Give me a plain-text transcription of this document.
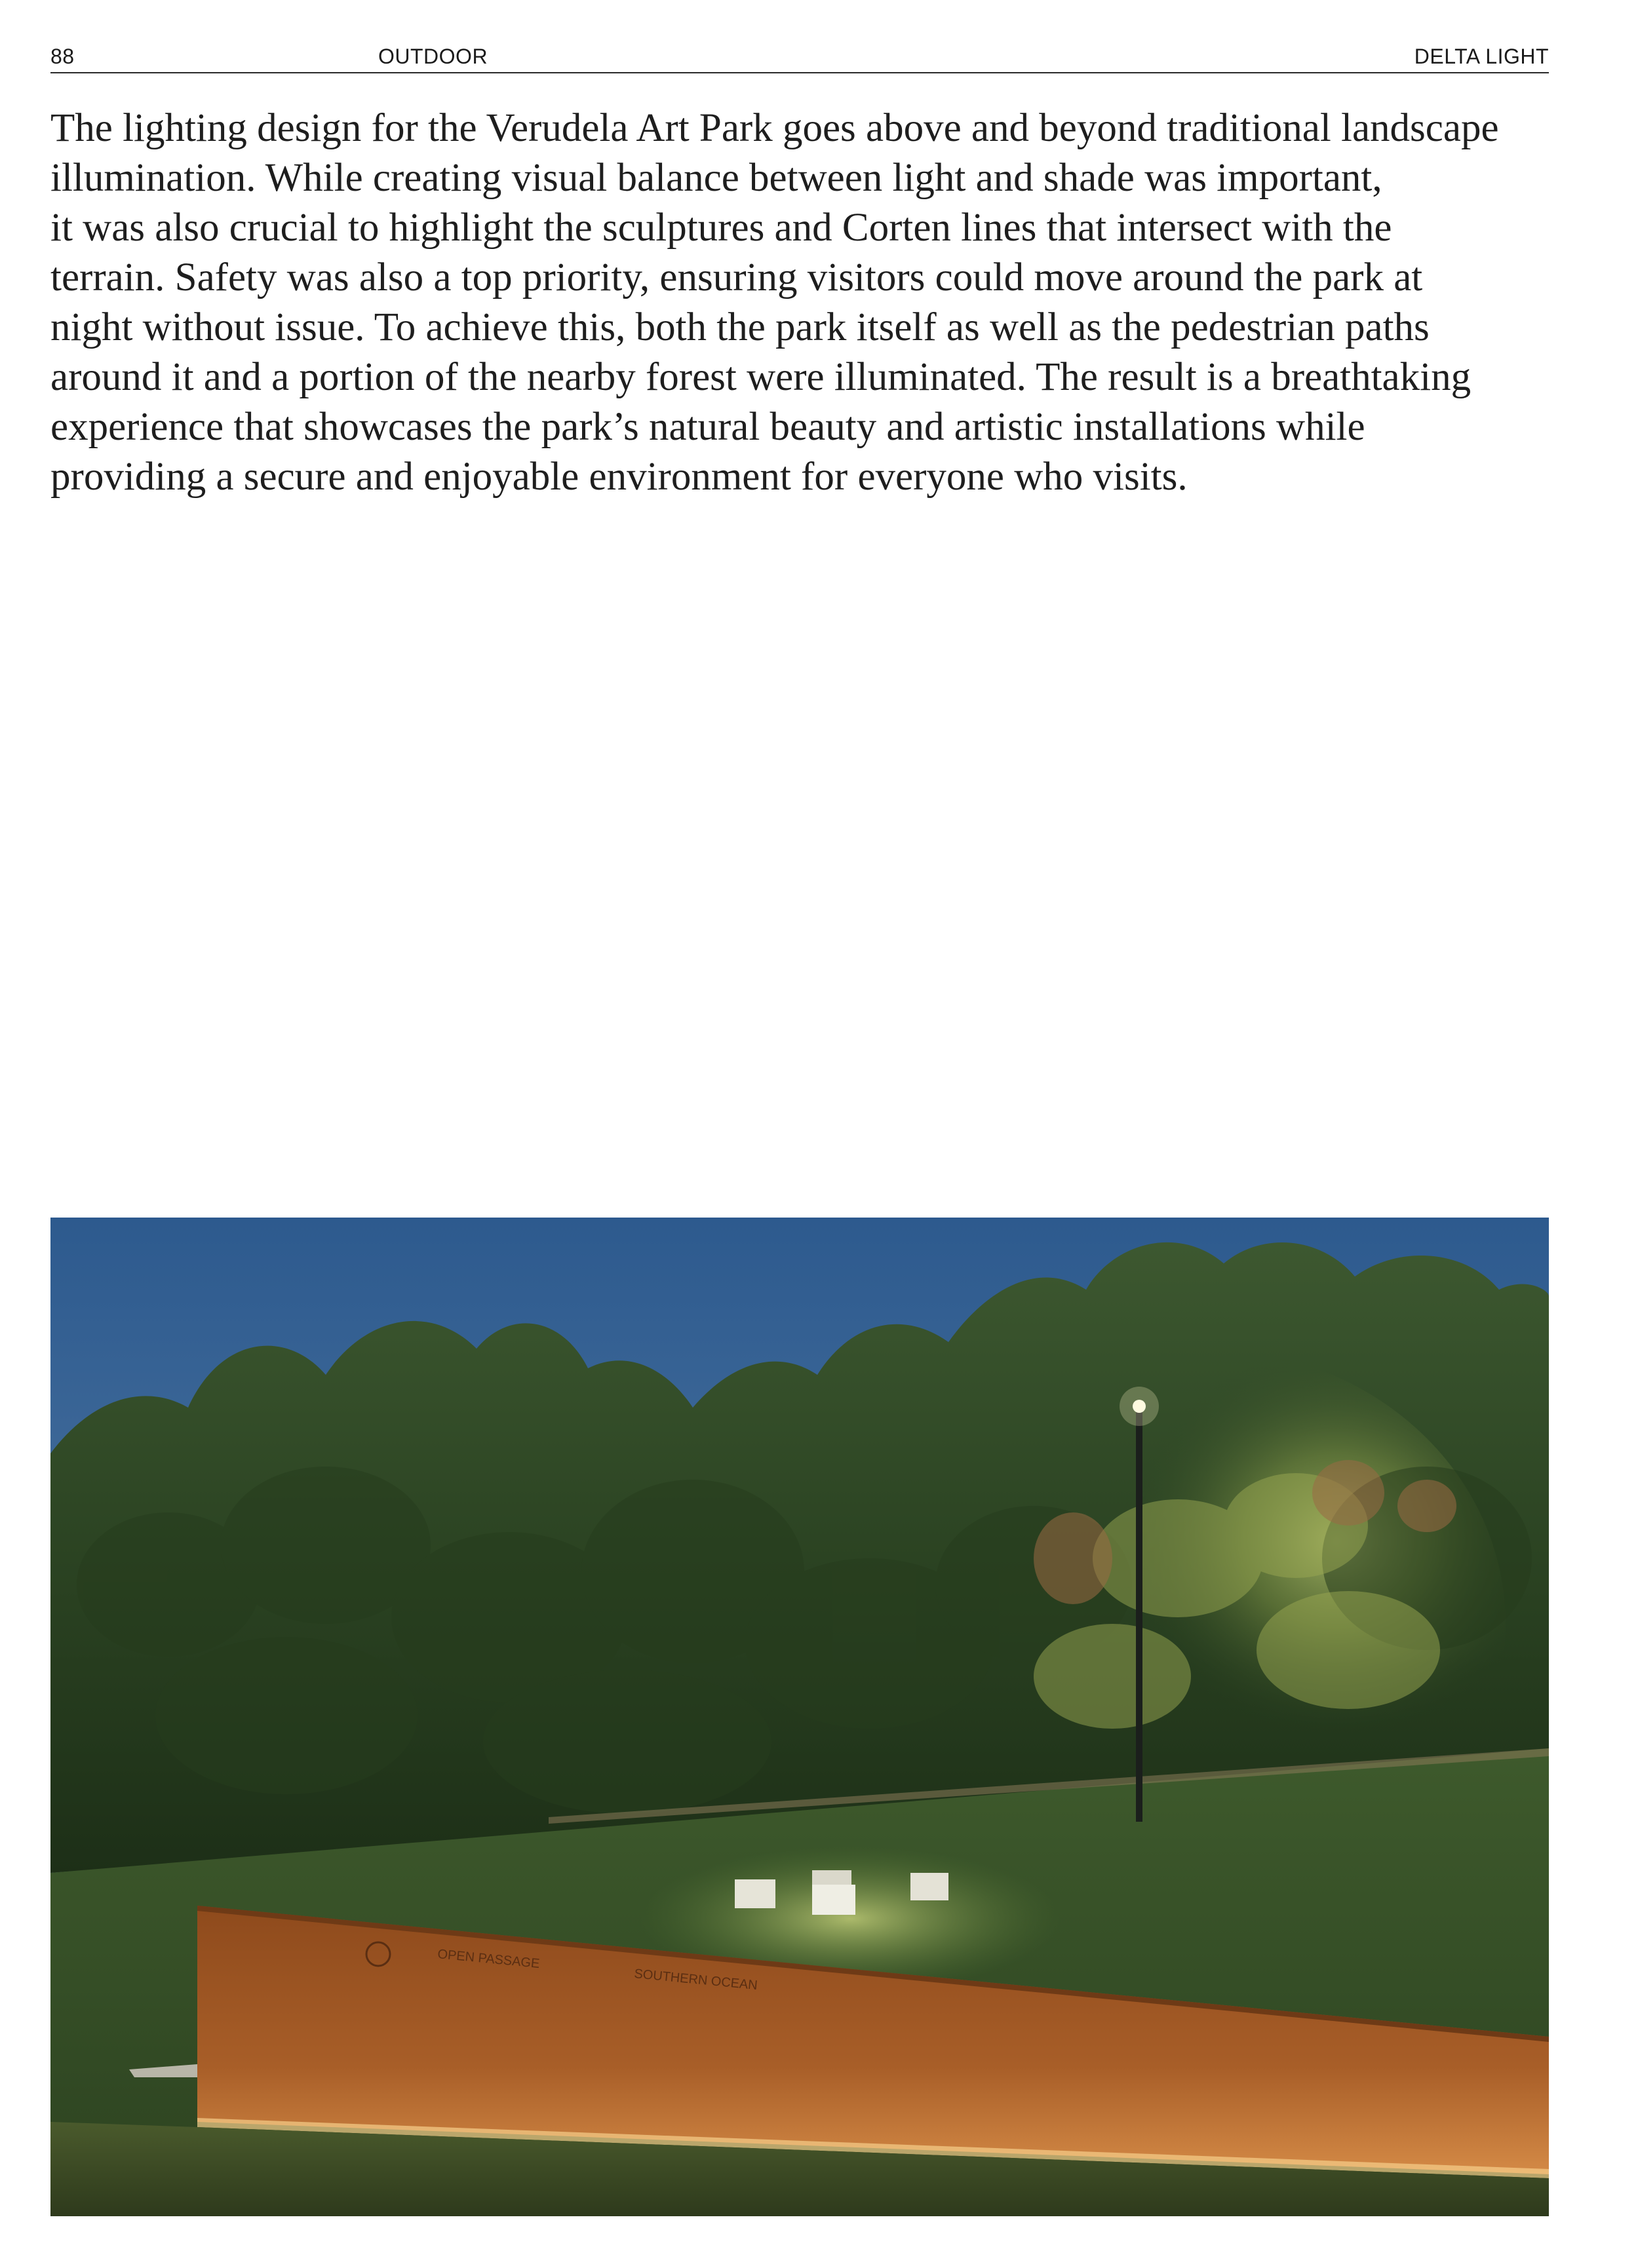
88	OUTDOOR	DELTA LIGHT

The lighting design for the Verudela Art Park goes above and beyond traditional landscape
illumination. While creating visual balance between light and shade was important,
it was also crucial to highlight the sculptures and Corten lines that intersect with the
terrain. Safety was also a top priority, ensuring visitors could move around the park at
night without issue. To achieve this, both the park itself as well as the pedestrian paths
around it and a portion of the nearby forest were illuminated. The result is a breathtaking
experience that showcases the park’s natural beauty and artistic installations while
providing a secure and enjoyable environment for everyone who visits.

OPEN PASSAGE
SOUTHERN OCEAN
